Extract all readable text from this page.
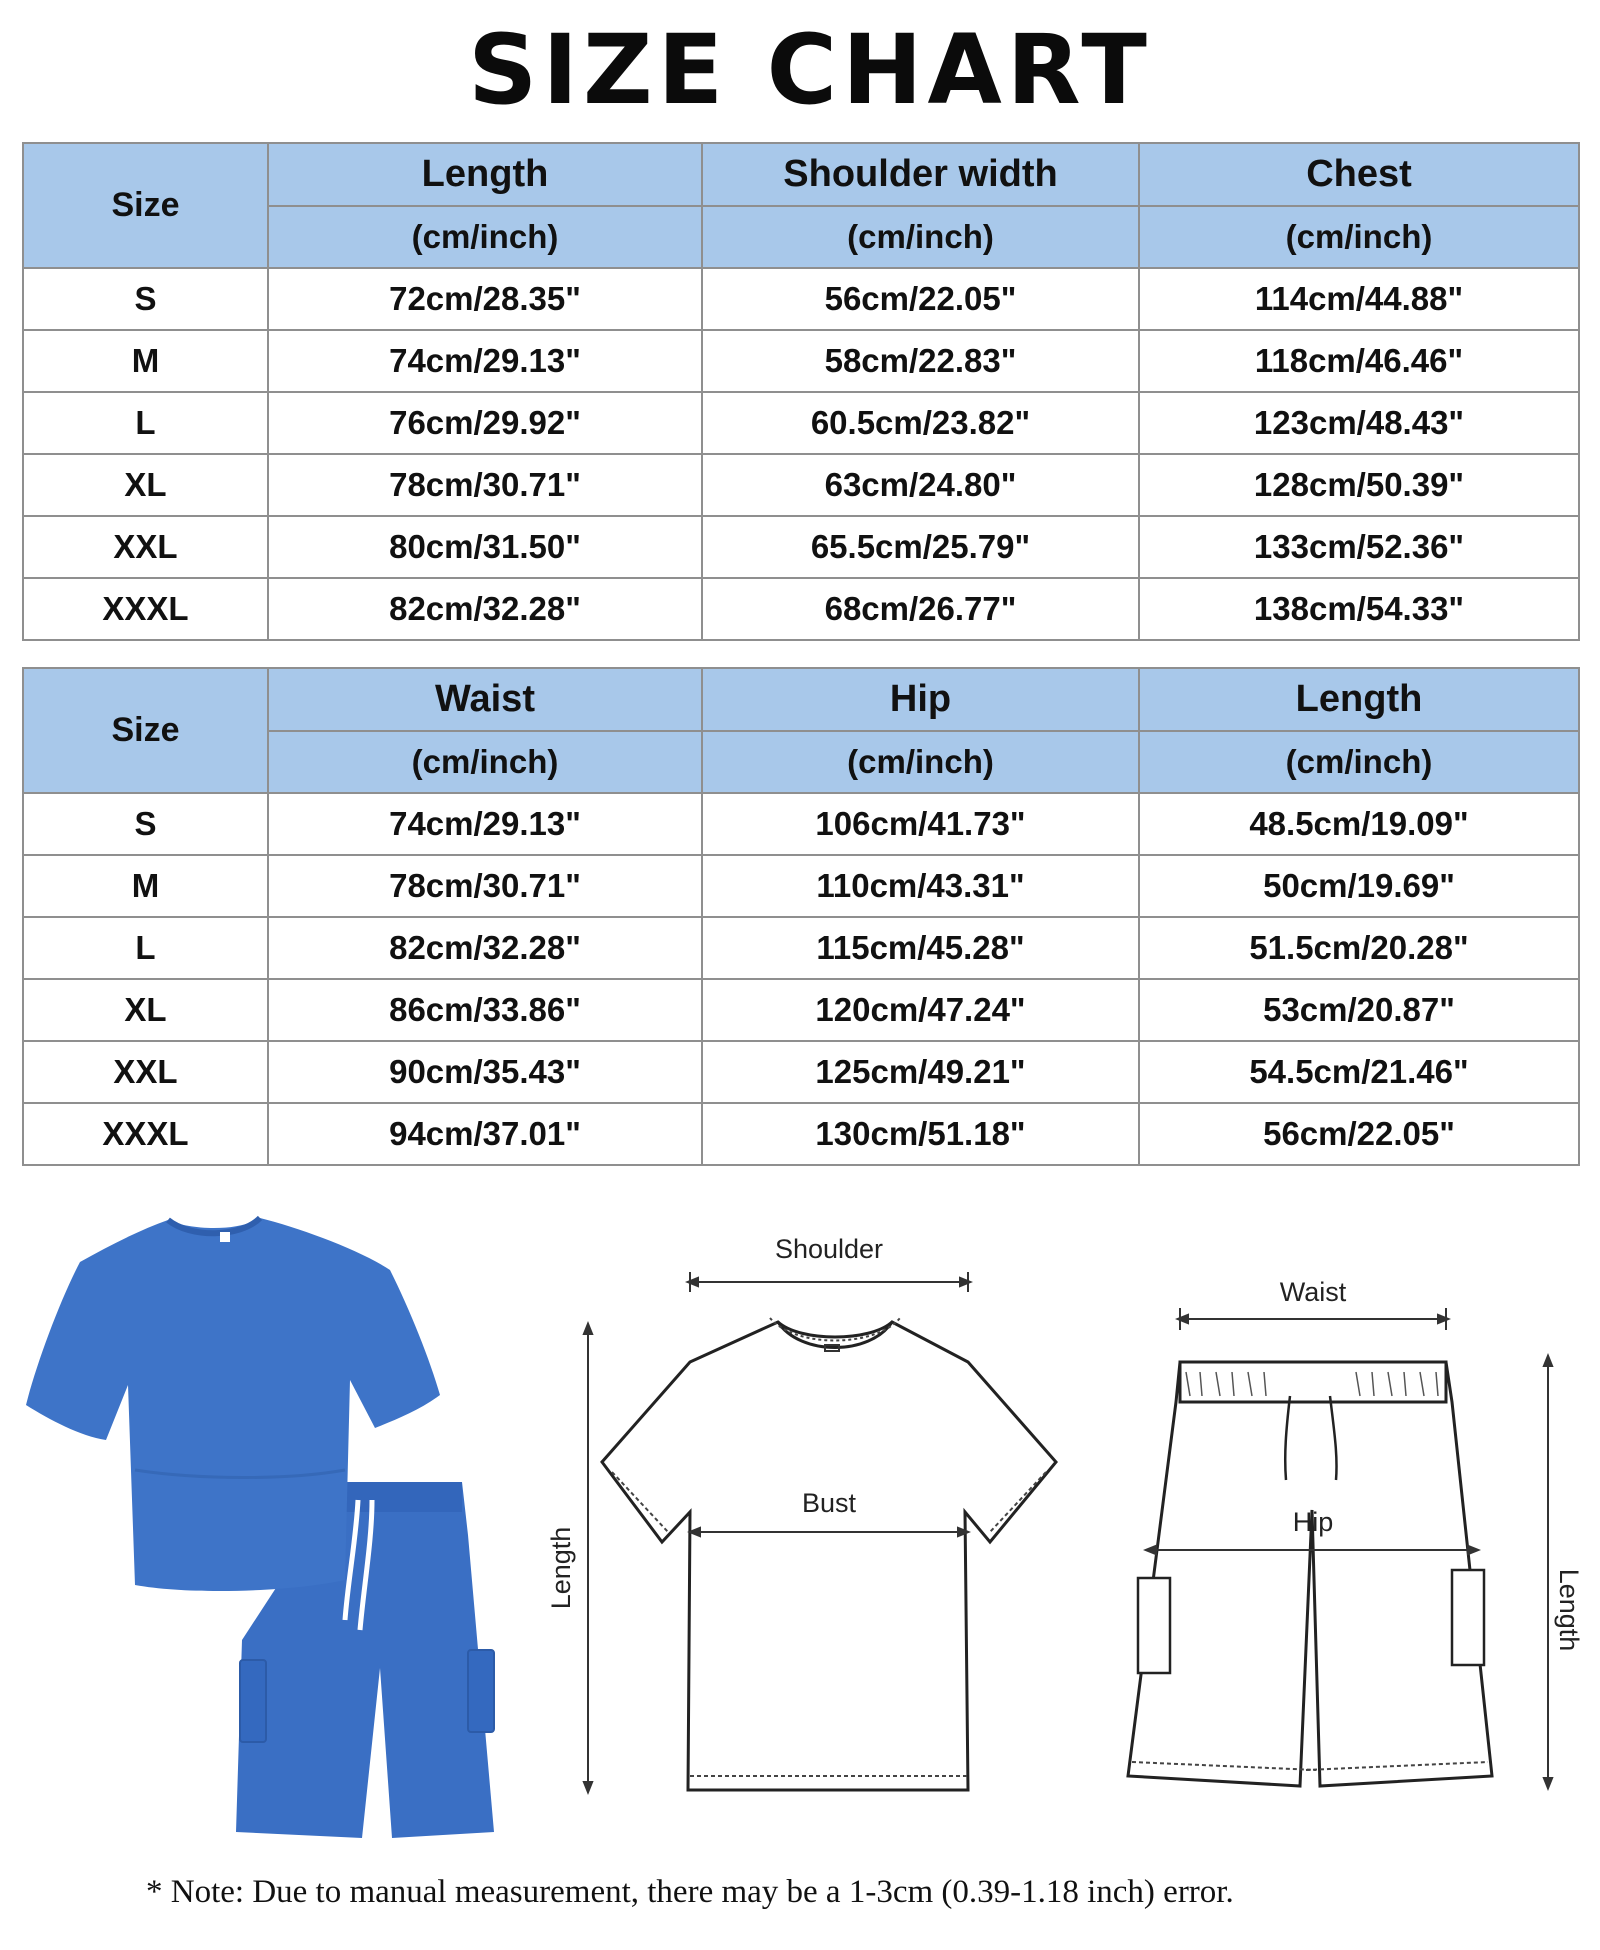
SIZE CHART
Size	Length	Shoulder width	Chest
	(cm/inch)	(cm/inch)	(cm/inch)
S	72cm/28.35"	56cm/22.05"	114cm/44.88"
M	74cm/29.13"	58cm/22.83"	118cm/46.46"
L	76cm/29.92"	60.5cm/23.82"	123cm/48.43"
XL	78cm/30.71"	63cm/24.80"	128cm/50.39"
XXL	80cm/31.50"	65.5cm/25.79"	133cm/52.36"
XXXL	82cm/32.28"	68cm/26.77"	138cm/54.33"
Size	Waist	Hip	Length
	(cm/inch)	(cm/inch)	(cm/inch)
S	74cm/29.13"	106cm/41.73"	48.5cm/19.09"
M	78cm/30.71"	110cm/43.31"	50cm/19.69"
L	82cm/32.28"	115cm/45.28"	51.5cm/20.28"
XL	86cm/33.86"	120cm/47.24"	53cm/20.87"
XXL	90cm/35.43"	125cm/49.21"	54.5cm/21.46"
XXXL	94cm/37.01"	130cm/51.18"	56cm/22.05"
Shoulder
Bust
Length
Waist
Hip
Length

* Note: Due to manual measurement, there may be a 1-3cm (0.39-1.18 inch) error.
